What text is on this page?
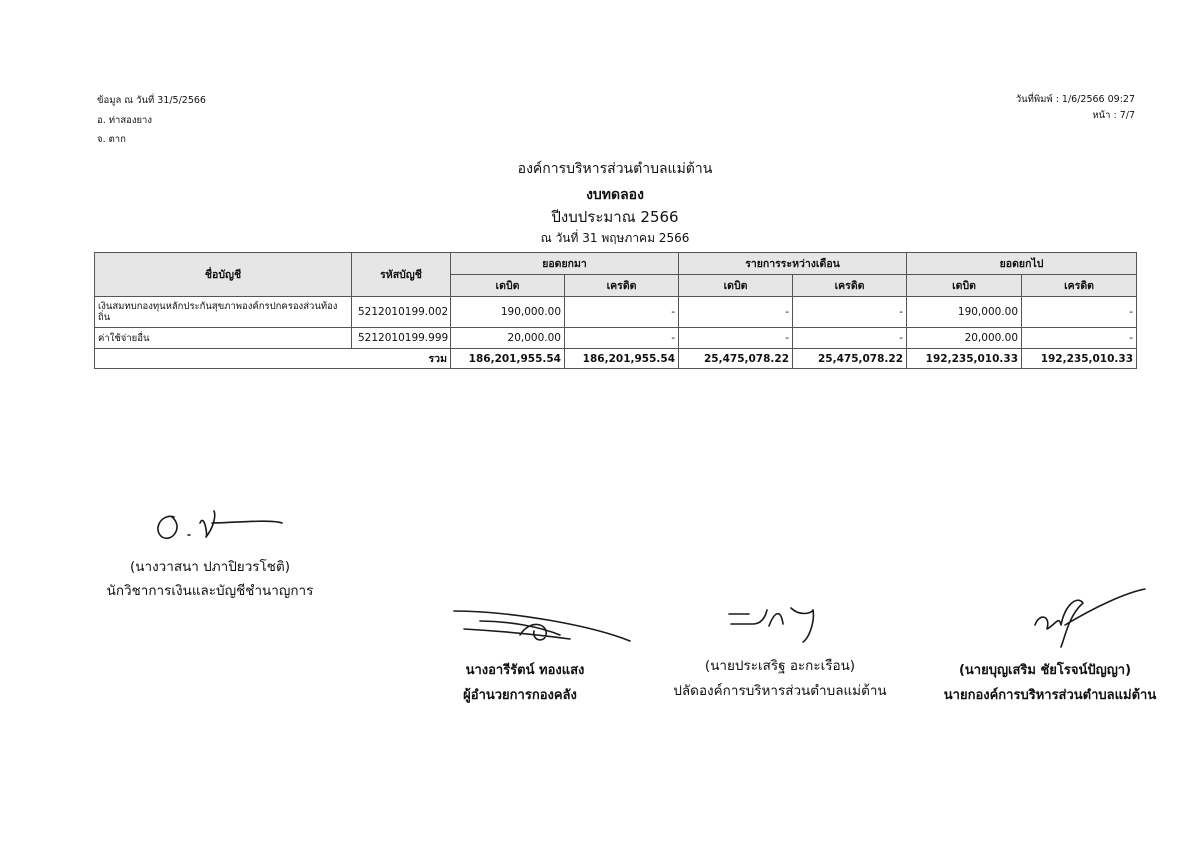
ข้อมูล ณ วันที่ 31/5/2566
อ. ท่าสองยาง
จ. ตาก
วันที่พิมพ์ : 1/6/2566 09:27
หน้า : 7/7
องค์การบริหารส่วนตำบลแม่ต้าน
งบทดลอง
ปีงบประมาณ 2566
ณ วันที่ 31 พฤษภาคม 2566
ชื่อบัญชี	รหัสบัญชี	ยอดยกมา		รายการระหว่างเดือน		ยอดยกไป	
		เดบิต	เครดิต	เดบิต	เครดิต	เดบิต	เครดิต
เงินสมทบกองทุนหลักประกันสุขภาพองค์กรปกครองส่วนท้องถิ่น	5212010199.002	190,000.00	-	-	-	190,000.00	-
ค่าใช้จ่ายอื่น	5212010199.999	20,000.00	-	-	-	20,000.00	-
รวม		186,201,955.54	186,201,955.54	25,475,078.22	25,475,078.22	192,235,010.33	192,235,010.33
(นางวาสนา ปภาปิยวรโชติ)
นักวิชาการเงินและบัญชีชำนาญการ
นางอารีรัตน์ ทองแสง
ผู้อำนวยการกองคลัง
(นายประเสริฐ อะกะเรือน)
ปลัดองค์การบริหารส่วนตำบลแม่ต้าน
(นายบุญเสริม ชัยโรจน์ปัญญา)
นายกองค์การบริหารส่วนตำบลแม่ต้าน
